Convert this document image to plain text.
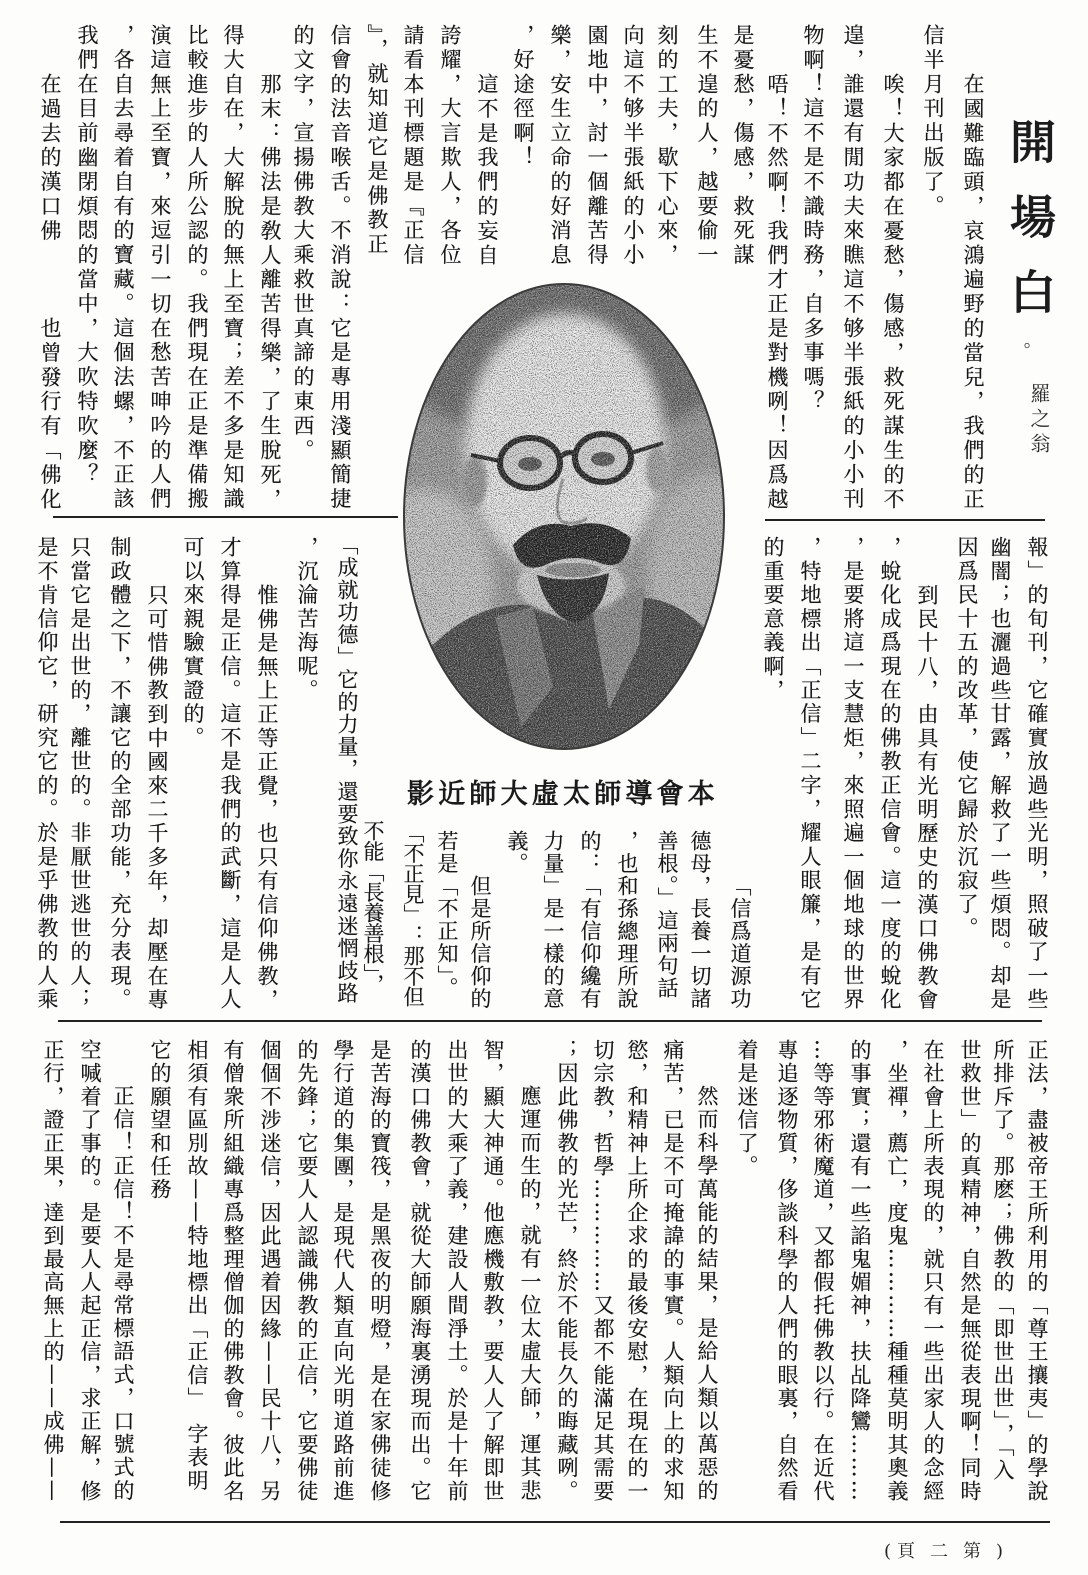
開場白
。
羅之翁
在國難臨頭，哀鴻遍野的當兒，我們的正
信半月刊出版了。
唉！大家都在憂愁，傷感，救死謀生的不
遑，誰還有閒功夫來瞧這不够半張紙的小小刊
物啊！這不是不識時務，自多事嗎？
唔！不然啊！我們才正是對機咧！因爲越
是憂愁，傷感，救死謀
生不遑的人，越要偷一
刻的工夫，歇下心來，
向這不够半張紙的小小
園地中，討一個離苦得
樂，安生立命的好消息
，好途徑啊！
這不是我們的妄自
誇耀，大言欺人，各位
請看本刊標題是『正信
』，就知道它是佛教正
信會的法音喉舌。不消說：它是專用淺顯簡捷
的文字，宣揚佛教大乘救世真諦的東西。
那末：佛法是敎人離苦得樂，了生脫死，
得大自在，大解脫的無上至寶；差不多是知識
比較進步的人所公認的。我們現在正是準備搬
演這無上至寶，來逗引一切在愁苦呻吟的人們
，各自去尋着自有的寶藏。這個法螺，不正該
我們在目前幽閉煩悶的當中，大吹特吹麼？
在過去的漢口佛　　　也曾發行有「佛化
本會導師太虛大師近影	報」的旬刊，它確實放過些光明，照破了一些
幽闇；也灑過些甘露，解救了一些煩悶。却是
因爲民十五的改革，使它歸於沉寂了。
到民十八，由具有光明歷史的漢口佛教會
，蛻化成爲現在的佛教正信會。這一度的蛻化
，是要將這一支慧炬，來照遍一個地球的世界
，特地標出「正信」二字，耀人眼簾，是有它
的重要意義啊，
「信爲道源功
德母，長養一切諸
善根。」這兩句話
，也和孫總理所說
的：「有信仰纔有
力量」是一樣的意
義。
但是所信仰的
若是「不正知」。
「不正見」：那不但
不能「長養善根」，
「成就功德」它的力量，還要致你永遠迷惘歧路
，沉淪苦海呢。
惟佛是無上正等正覺，也只有信仰佛教，
才算得是正信。這不是我們的武斷，這是人人
可以來親驗實證的。
只可惜佛教到中國來二千多年，却壓在專
制政體之下，不讓它的全部功能，充分表現。
只當它是出世的，離世的。非厭世逃世的人；
是不肯信仰它，研究它的。於是乎佛教的人乘
正法，盡被帝王所利用的「尊王攘夷」的學說
所排斥了。那麽；佛教的「即世出世」，「入
世救世」的真精神，自然是無從表現啊！同時
在社會上所表現的，就只有一些出家人的念經
，坐禪，薦亡，度鬼…………種種莫明其奧義
的事實；還有一些諂鬼媚神，扶乩降鸞………
…等等邪術魔道，又都假托佛教以行。在近代
專追逐物質，侈談科學的人們的眼裏，自然看
着是迷信了。
然而科學萬能的結果，是給人類以萬惡的
痛苦，已是不可掩諱的事實。人類向上的求知
慾，和精神上所企求的最後安慰，在現在的一
切宗教，哲學……………又都不能滿足其需要
；因此佛教的光芒，終於不能長久的晦藏咧。
應運而生的，就有一位太虛大師，運其悲
智，顯大神通。他應機敷教，要人人了解即世
出世的大乘了義，建設人間淨土。於是十年前
的漢口佛教會，就從大師願海裏湧現而出。它
是苦海的寶筏，是黑夜的明燈，是在家佛徒修
學行道的集團，是現代人類直向光明道路前進
的先鋒；它要人人認識佛教的正信，它要佛徒
個個不涉迷信，因此遇着因緣——民十八，另
有僧衆所組織專爲整理僧伽的佛教會。彼此名
相須有區別故——特地標出「正信」　字表明
它的願望和任務
正信！正信！不是尋常標語式，口號式的
空喊着了事的。是要人人起正信，求正解，修
正行，證正果，達到最高無上的——成佛——
( 第二頁)
